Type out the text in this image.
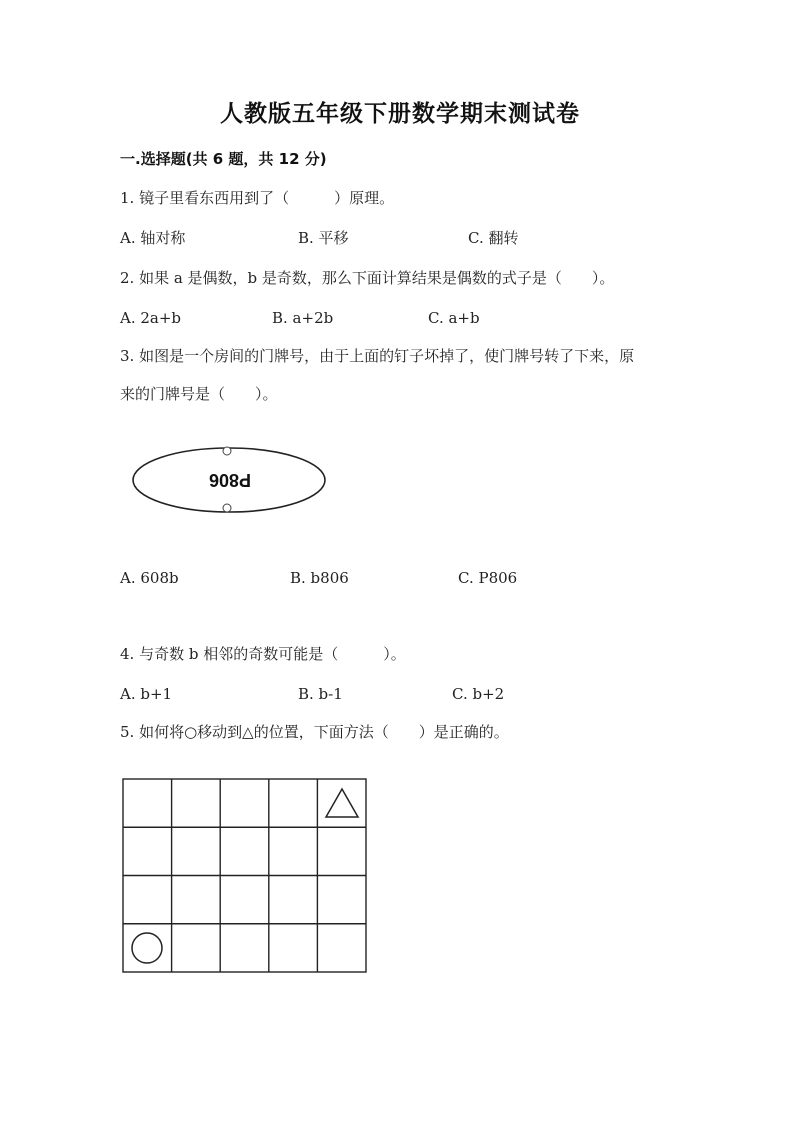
人教版五年级下册数学期末测试卷
一.选择题(共 6 题，共 12 分)
1. 镜子里看东西用到了（　　　）原理。
A. 轴对称	B. 平移	C. 翻转
2. 如果 a 是偶数，b 是奇数，那么下面计算结果是偶数的式子是（　　）。
A. 2a+b	B. a+2b	C. a+b
3. 如图是一个房间的门牌号，由于上面的钉子坏掉了，使门牌号转了下来，原
来的门牌号是（　　）。
P806
A. 608b	B. b806	C. P806
4. 与奇数 b 相邻的奇数可能是（　　　）。
A. b+1	B. b-1	C. b+2
5. 如何将○移动到△的位置，下面方法（　　）是正确的。
